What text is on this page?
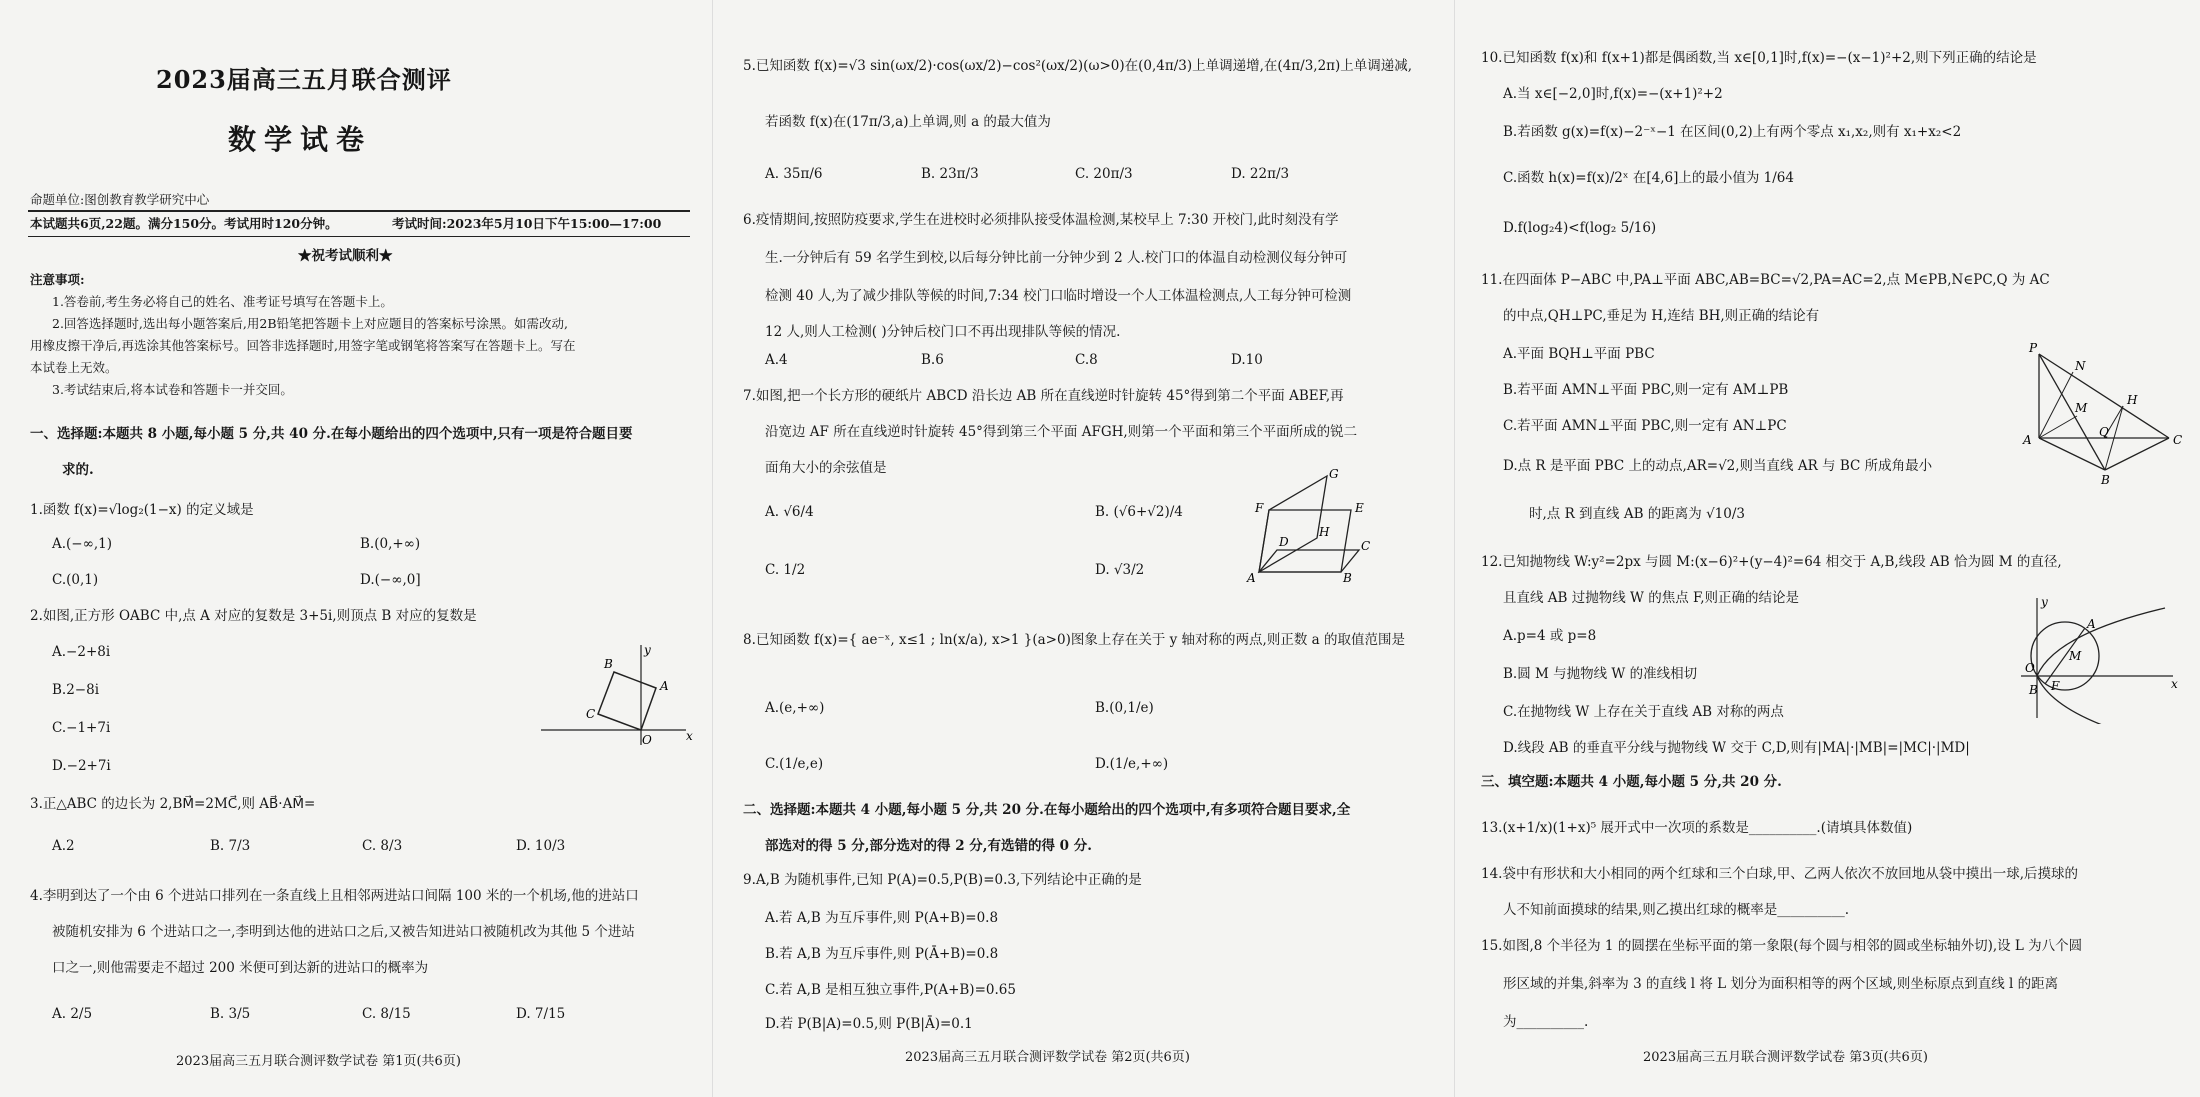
2023届高三五月联合测评
数学试卷
命题单位:图创教育教学研究中心
本试题共6页,22题。满分150分。考试用时120分钟。	考试时间:2023年5月10日下午15:00—17:00
★祝考试顺利★
注意事项:
1.答卷前,考生务必将自己的姓名、准考证号填写在答题卡上。
2.回答选择题时,选出每小题答案后,用2B铅笔把答题卡上对应题目的答案标号涂黑。如需改动,
用橡皮擦干净后,再选涂其他答案标号。回答非选择题时,用签字笔或钢笔将答案写在答题卡上。写在
本试卷上无效。
3.考试结束后,将本试卷和答题卡一并交回。
一、选择题:本题共 8 小题,每小题 5 分,共 40 分.在每小题给出的四个选项中,只有一项是符合题目要
求的.
1.函数 f(x)=√log₂(1−x) 的定义域是
A.(−∞,1)	B.(0,+∞)
C.(0,1)	D.(−∞,0]
2.如图,正方形 OABC 中,点 A 对应的复数是 3+5i,则顶点 B 对应的复数是
A.−2+8i
B.2−8i
C.−1+7i
D.−2+7i
B
y
C
A
O	x
3.正△ABC 的边长为 2,BM⃗=2MC⃗,则 AB⃗·AM⃗=
A.2	B. 7/3	C. 8/3	D. 10/3
4.李明到达了一个由 6 个进站口排列在一条直线上且相邻两进站口间隔 100 米的一个机场,他的进站口
被随机安排为 6 个进站口之一,李明到达他的进站口之后,又被告知进站口被随机改为其他 5 个进站
口之一,则他需要走不超过 200 米便可到达新的进站口的概率为
A. 2/5	B. 3/5	C. 8/15	D. 7/15
2023届高三五月联合测评数学试卷 第1页(共6页)
5.已知函数 f(x)=√3 sin(ωx/2)·cos(ωx/2)−cos²(ωx/2)(ω>0)在(0,4π/3)上单调递增,在(4π/3,2π)上单调递减,
若函数 f(x)在(17π/3,a)上单调,则 a 的最大值为
A. 35π/6	B. 23π/3	C. 20π/3	D. 22π/3
6.疫情期间,按照防疫要求,学生在进校时必须排队接受体温检测,某校早上 7:30 开校门,此时刻没有学
生.一分钟后有 59 名学生到校,以后每分钟比前一分钟少到 2 人.校门口的体温自动检测仪每分钟可
检测 40 人,为了减少排队等候的时间,7:34 校门口临时增设一个人工体温检测点,人工每分钟可检测
12 人,则人工检测( )分钟后校门口不再出现排队等候的情况.
A.4	B.6	C.8	D.10
7.如图,把一个长方形的硬纸片 ABCD 沿长边 AB 所在直线逆时针旋转 45°得到第二个平面 ABEF,再
沿宽边 AF 所在直线逆时针旋转 45°得到第三个平面 AFGH,则第一个平面和第三个平面所成的锐二
面角大小的余弦值是
A. √6/4	B. (√6+√2)/4
C. 1/2	D. √3/2
G
F	E
D
H
C
A	B
8.已知函数 f(x)={ ae⁻ˣ, x≤1 ; ln(x/a), x>1 }(a>0)图象上存在关于 y 轴对称的两点,则正数 a 的取值范围是
A.(e,+∞)	B.(0,1/e)
C.(1/e,e)	D.(1/e,+∞)
二、选择题:本题共 4 小题,每小题 5 分,共 20 分.在每小题给出的四个选项中,有多项符合题目要求,全
部选对的得 5 分,部分选对的得 2 分,有选错的得 0 分.
9.A,B 为随机事件,已知 P(A)=0.5,P(B)=0.3,下列结论中正确的是
A.若 A,B 为互斥事件,则 P(A+B)=0.8
B.若 A,B 为互斥事件,则 P(Ā+B)=0.8
C.若 A,B 是相互独立事件,P(A+B)=0.65
D.若 P(B|A)=0.5,则 P(B|Ā)=0.1
2023届高三五月联合测评数学试卷 第2页(共6页)
10.已知函数 f(x)和 f(x+1)都是偶函数,当 x∈[0,1]时,f(x)=−(x−1)²+2,则下列正确的结论是
A.当 x∈[−2,0]时,f(x)=−(x+1)²+2
B.若函数 g(x)=f(x)−2⁻ˣ−1 在区间(0,2)上有两个零点 x₁,x₂,则有 x₁+x₂<2
C.函数 h(x)=f(x)/2ˣ 在[4,6]上的最小值为 1/64
D.f(log₂4)<f(log₂ 5/16)
11.在四面体 P−ABC 中,PA⊥平面 ABC,AB=BC=√2,PA=AC=2,点 M∈PB,N∈PC,Q 为 AC
的中点,QH⊥PC,垂足为 H,连结 BH,则正确的结论有
A.平面 BQH⊥平面 PBC
B.若平面 AMN⊥平面 PBC,则一定有 AM⊥PB
C.若平面 AMN⊥平面 PBC,则一定有 AN⊥PC
D.点 R 是平面 PBC 上的动点,AR=√2,则当直线 AR 与 BC 所成角最小
时,点 R 到直线 AB 的距离为 √10/3
P
N
H
M
A
Q
C
B
12.已知抛物线 W:y²=2px 与圆 M:(x−6)²+(y−4)²=64 相交于 A,B,线段 AB 恰为圆 M 的直径,
且直线 AB 过抛物线 W 的焦点 F,则正确的结论是
A.p=4 或 p=8
B.圆 M 与抛物线 W 的准线相切
C.在抛物线 W 上存在关于直线 AB 对称的两点
D.线段 AB 的垂直平分线与抛物线 W 交于 C,D,则有|MA|·|MB|=|MC|·|MD|
y
A
M
O
F
B	x
三、填空题:本题共 4 小题,每小题 5 分,共 20 分.
13.(x+1/x)(1+x)⁵ 展开式中一次项的系数是__________.(请填具体数值)
14.袋中有形状和大小相同的两个红球和三个白球,甲、乙两人依次不放回地从袋中摸出一球,后摸球的
人不知前面摸球的结果,则乙摸出红球的概率是__________.
15.如图,8 个半径为 1 的圆摆在坐标平面的第一象限(每个圆与相邻的圆或坐标轴外切),设 L 为八个圆
形区域的并集,斜率为 3 的直线 l 将 L 划分为面积相等的两个区域,则坐标原点到直线 l 的距离
为__________.
2023届高三五月联合测评数学试卷 第3页(共6页)
